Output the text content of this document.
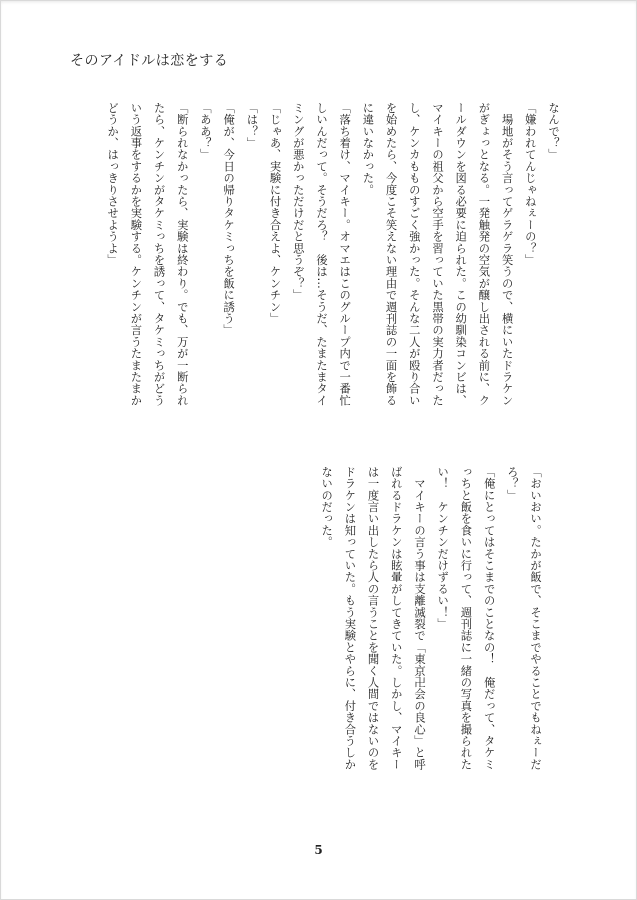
そのアイドルは恋をする
なんで？」
「嫌われてんじゃねぇーの？」
　場地がそう言ってゲラゲラ笑うので、横にいたドラケン
がぎょっとなる。一発触発の空気が醸し出される前に、ク
ールダウンを図る必要に迫られた。この幼馴染コンビは、
マイキーの祖父から空手を習っていた黒帯の実力者だった
し、ケンカもものすごく強かった。そんな二人が殴り合い
を始めたら、今度こそ笑えない理由で週刊誌の一面を飾る
に違いなかった。
「落ち着け、マイキー。オマエはこのグループ内で一番忙
しいんだって。そうだろ？　後は…そうだ、たまたまタイ
ミングが悪かっただけだと思うぞ？」
「じゃあ、実験に付き合えよ、ケンチン」
「は？」
「俺が、今日の帰りタケミっちを飯に誘う」
「ああ？」
「断られなかったら、実験は終わり。でも、万が一断られ
たら、ケンチンがタケミっちを誘って、タケミっちがどう
いう返事をするかを実験する。ケンチンが言うたまたまか
どうか、はっきりさせようよ」
「おいおい。たかが飯で、そこまでやることでもねぇーだ
ろ？」
「俺にとってはそこまでのことなの！　俺だって、タケミ
っちと飯を食いに行って、週刊誌に一緒の写真を撮られた
い！　ケンチンだけずるい！」
　マイキーの言う事は支離滅裂で「東京卍会の良心」と呼
ばれるドラケンは眩暈がしてきていた。しかし、マイキー
は一度言い出したら人の言うことを聞く人間ではないのを
ドラケンは知っていた。もう実験とやらに、付き合うしか
ないのだった。
5
